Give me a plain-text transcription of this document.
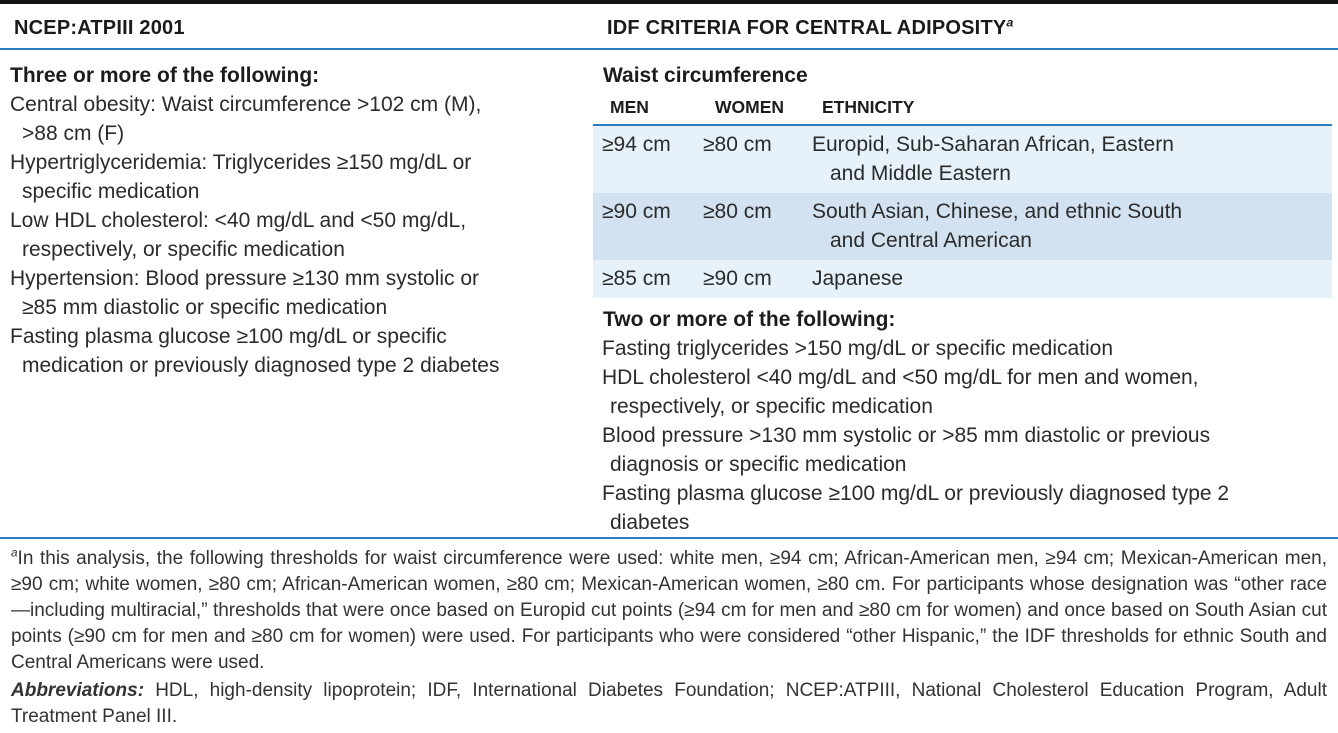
NCEP:ATPIII 2001	IDF CRITERIA FOR CENTRAL ADIPOSITY$^a$
Three or more of the following:
Central obesity: Waist circumference >102 cm (M),
>88 cm (F)
Hypertriglyceridemia: Triglycerides ≥150 mg/dL or
specific medication
Low HDL cholesterol: <40 mg/dL and <50 mg/dL,
respectively, or specific medication
Hypertension: Blood pressure ≥130 mm systolic or
≥85 mm diastolic or specific medication
Fasting plasma glucose ≥100 mg/dL or specific
medication or previously diagnosed type 2 diabetes
Waist circumference
MEN	WOMEN	ETHNICITY
≥94 cm	≥80 cm	Europid, Sub-Saharan African, Eastern
and Middle Eastern
≥90 cm	≥80 cm	South Asian, Chinese, and ethnic South
and Central American
≥85 cm	≥90 cm	Japanese
Two or more of the following:
Fasting triglycerides >150 mg/dL or specific medication
HDL cholesterol <40 mg/dL and <50 mg/dL for men and women,
respectively, or specific medication
Blood pressure >130 mm systolic or >85 mm diastolic or previous
diagnosis or specific medication
Fasting plasma glucose ≥100 mg/dL or previously diagnosed type 2
diabetes
$^a$In this analysis, the following thresholds for waist circumference were used: white men, ≥94 cm; African-American men, ≥94 cm; Mexican-American men, ≥90 cm; white women, ≥80 cm; African-American women, ≥80 cm; Mexican-American women, ≥80 cm. For participants whose designation was “other race—including multiracial,” thresholds that were once based on Europid cut points (≥94 cm for men and ≥80 cm for women) and once based on South Asian cut points (≥90 cm for men and ≥80 cm for women) were used. For participants who were considered “other Hispanic,” the IDF thresholds for ethnic South and Central Americans were used.
Abbreviations: HDL, high-density lipoprotein; IDF, International Diabetes Foundation; NCEP:ATPIII, National Cholesterol Education Program, Adult Treatment Panel III.
